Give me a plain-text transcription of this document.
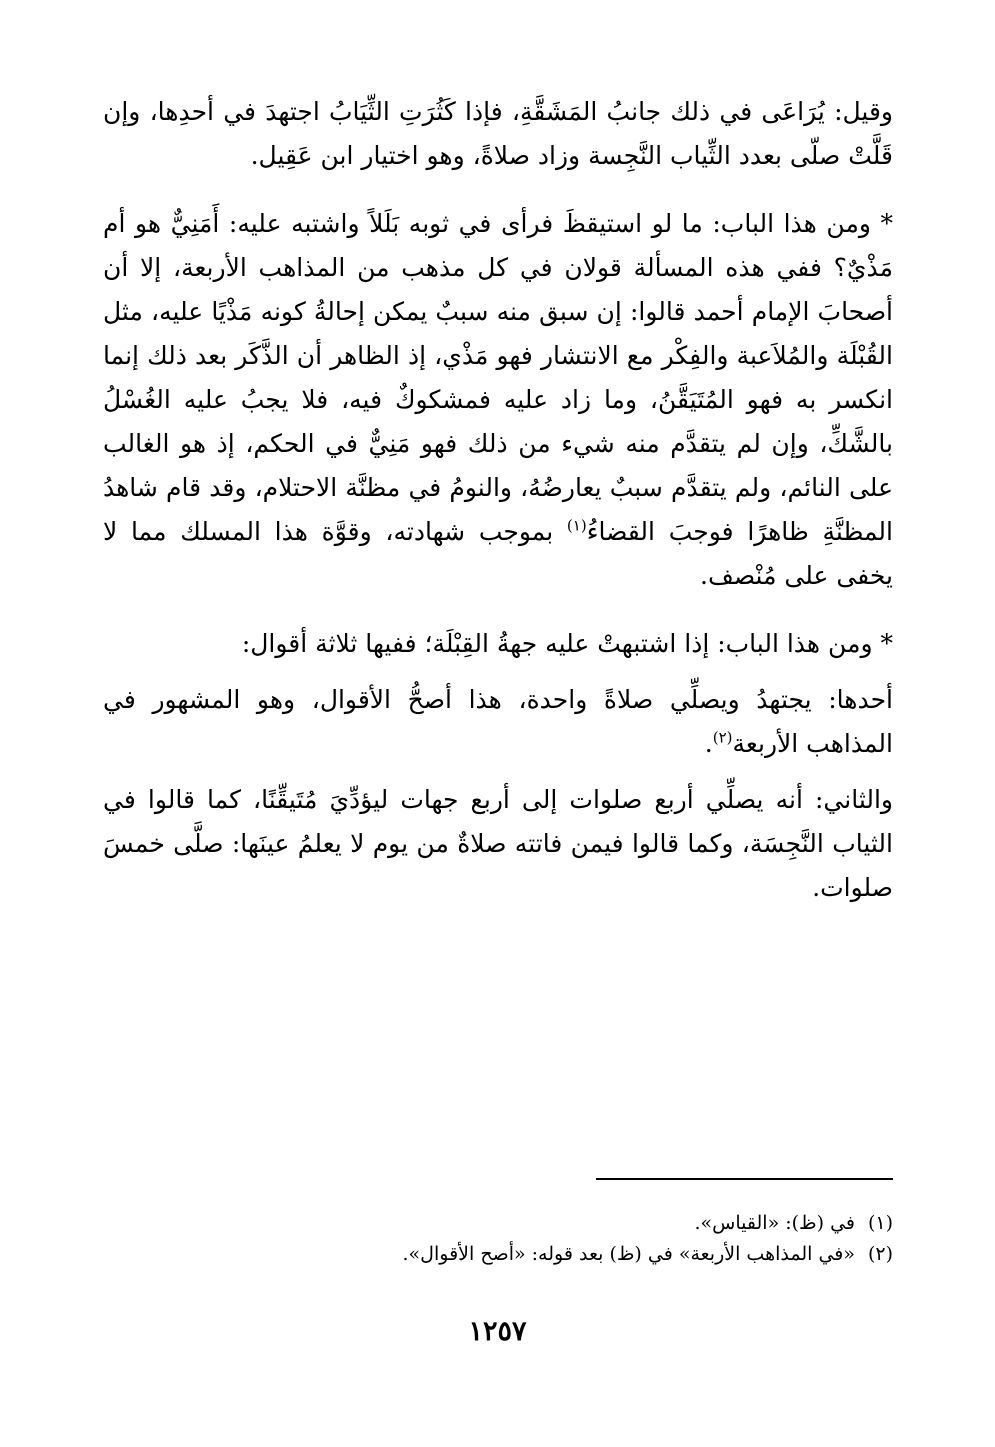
وقيل: يُرَاعَى في ذلك جانبُ المَشَقَّةِ، فإذا كَثُرَتِ الثِّيَابُ اجتهدَ في أحدِها، وإن قَلَّتْ صلّى بعدد الثِّياب النَّجِسة وزاد صلاةً، وهو اختيار ابن عَقِيل.

* ومن هذا الباب: ما لو استيقظَ فرأى في ثوبه بَلَلاً واشتبه عليه: أَمَنِيٌّ هو أم مَذْيٌ؟ ففي هذه المسألة قولان في كل مذهب من المذاهب الأربعة، إلا أن أصحابَ الإمام أحمد قالوا: إن سبق منه سببٌ يمكن إحالةُ كونه مَذْيًا عليه، مثل القُبْلَة والمُلاَعبة والفِكْر مع الانتشار فهو مَذْي، إذ الظاهر أن الذَّكَر بعد ذلك إنما انكسر به فهو المُتَيَقَّنُ، وما زاد عليه فمشكوكٌ فيه، فلا يجبُ عليه الغُسْلُ بالشَّكِّ، وإن لم يتقدَّم منه شيء من ذلك فهو مَنِيٌّ في الحكم، إذ هو الغالب على النائم، ولم يتقدَّم سببٌ يعارضُهُ، والنومُ في مظنَّة الاحتلام، وقد قام شاهدُ المظنَّةِ ظاهرًا فوجبَ القضاءُ$^{(١)}$ بموجب شهادته، وقوَّة هذا المسلك مما لا يخفى على مُنْصف.

* ومن هذا الباب: إذا اشتبهتْ عليه جهةُ القِبْلَة؛ ففيها ثلاثة أقوال:

أحدها: يجتهدُ ويصلِّي صلاةً واحدة، هذا أصحُّ الأقوال، وهو المشهور في المذاهب الأربعة$^{(٢)}$.

والثاني: أنه يصلِّي أربع صلوات إلى أربع جهات ليؤدِّيَ مُتَيقِّنًا، كما قالوا في الثياب النَّجِسَة، وكما قالوا فيمن فاتته صلاةٌ من يوم لا يعلمُ عينَها: صلَّى خمسَ صلوات.

(١)في (ظ): «القياس».

(٢)«في المذاهب الأربعة» في (ظ) بعد قوله: «أصح الأقوال».

١٢٥٧
